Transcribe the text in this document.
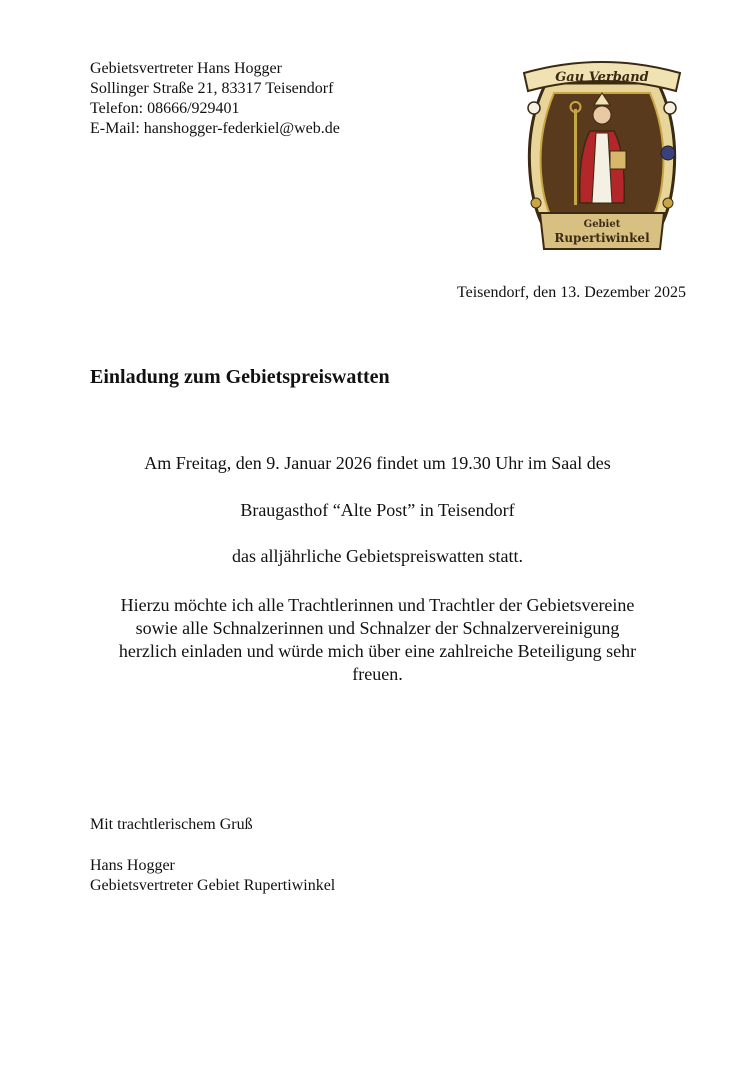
Gebietsvertreter Hans Hogger
Sollinger Straße 21, 83317 Teisendorf
Telefon: 08666/929401
E-Mail: hanshogger-federkiel@web.de
Gau Verband
Gebiet
Rupertiwinkel
Teisendorf, den 13. Dezember 2025
Einladung zum Gebietspreiswatten
Am Freitag, den 9. Januar 2026 findet um 19.30 Uhr im Saal des
Braugasthof “Alte Post” in Teisendorf
das alljährliche Gebietspreiswatten statt.
Hierzu möchte ich alle Trachtlerinnen und Trachtler der Gebietsvereine
sowie alle Schnalzerinnen und Schnalzer der Schnalzervereinigung
herzlich einladen und würde mich über eine zahlreiche Beteiligung sehr
freuen.
Mit trachtlerischem Gruß
Hans Hogger
Gebietsvertreter Gebiet Rupertiwinkel
